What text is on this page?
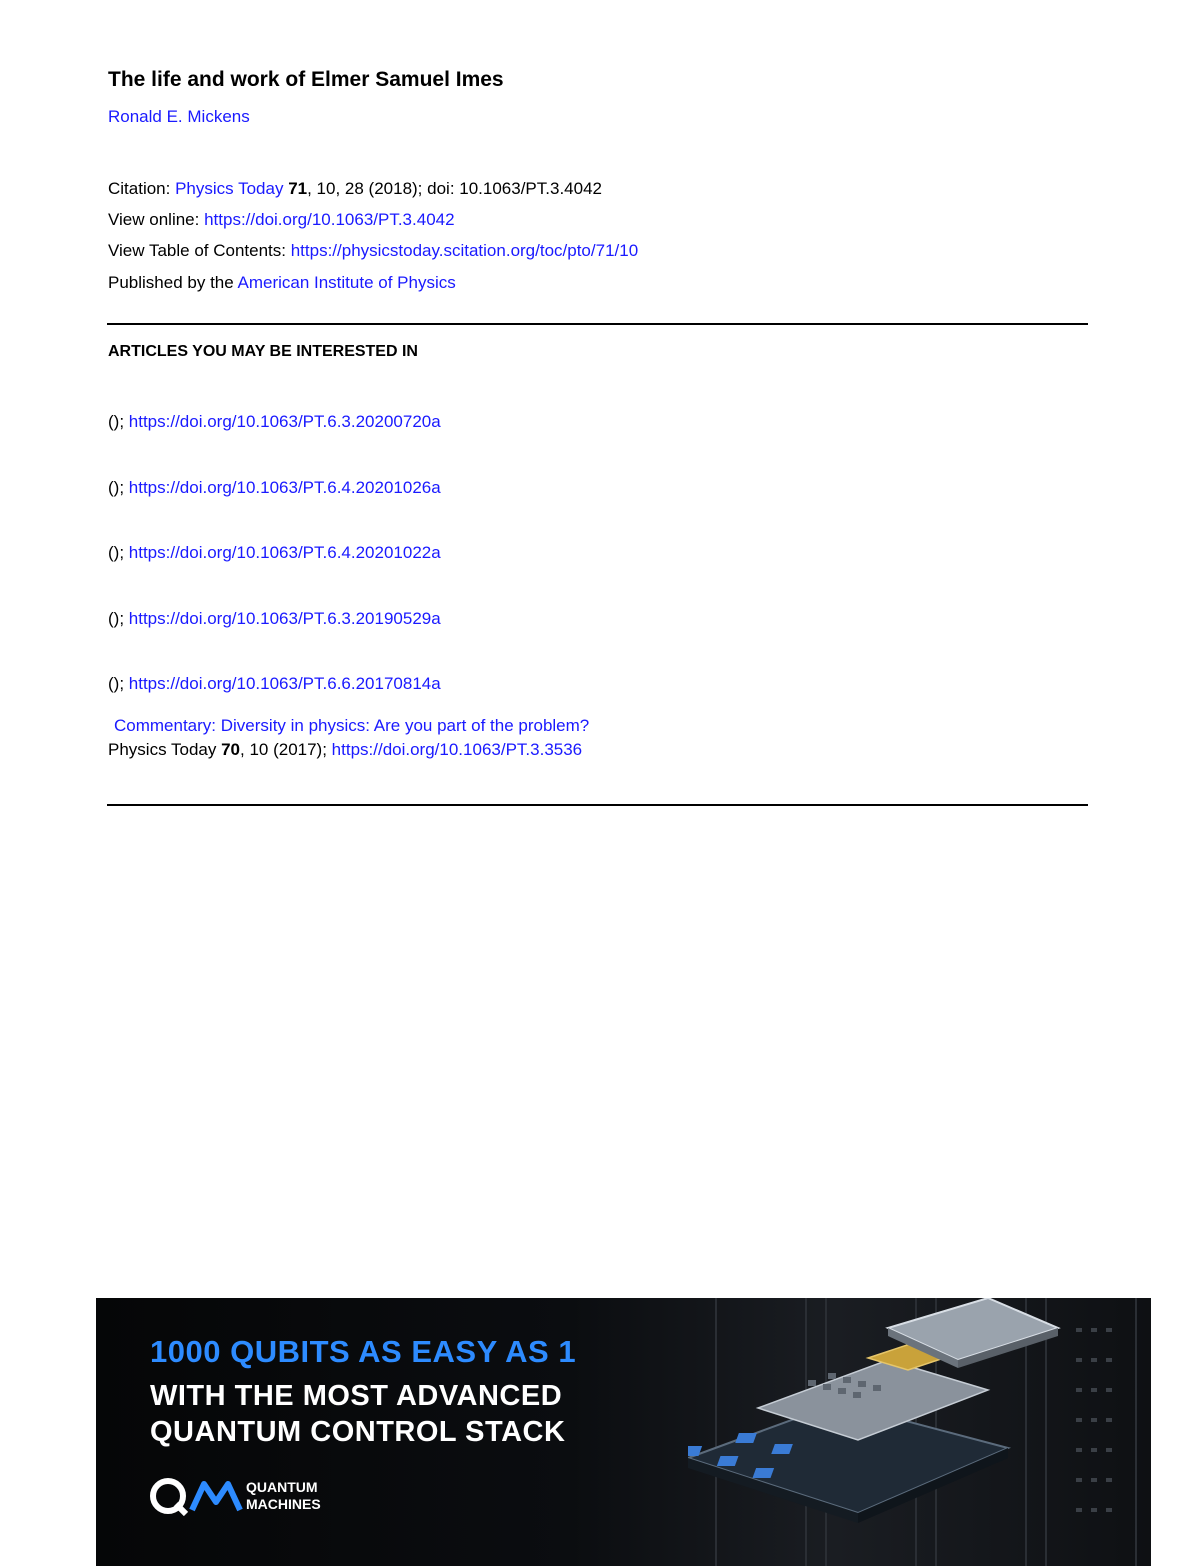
The life and work of Elmer Samuel Imes
Ronald E. Mickens
Citation: Physics Today 71, 10, 28 (2018); doi: 10.1063/PT.3.4042
View online: https://doi.org/10.1063/PT.3.4042
View Table of Contents: https://physicstoday.scitation.org/toc/pto/71/10
Published by the American Institute of Physics
ARTICLES YOU MAY BE INTERESTED IN
(); https://doi.org/10.1063/PT.6.3.20200720a
(); https://doi.org/10.1063/PT.6.4.20201026a
(); https://doi.org/10.1063/PT.6.4.20201022a
(); https://doi.org/10.1063/PT.6.3.20190529a
(); https://doi.org/10.1063/PT.6.6.20170814a
Commentary: Diversity in physics: Are you part of the problem?
Physics Today 70, 10 (2017); https://doi.org/10.1063/PT.3.3536
1000 QUBITS AS EASY AS 1
WITH THE MOST ADVANCED
QUANTUM CONTROL STACK
QUANTUM
MACHINES
